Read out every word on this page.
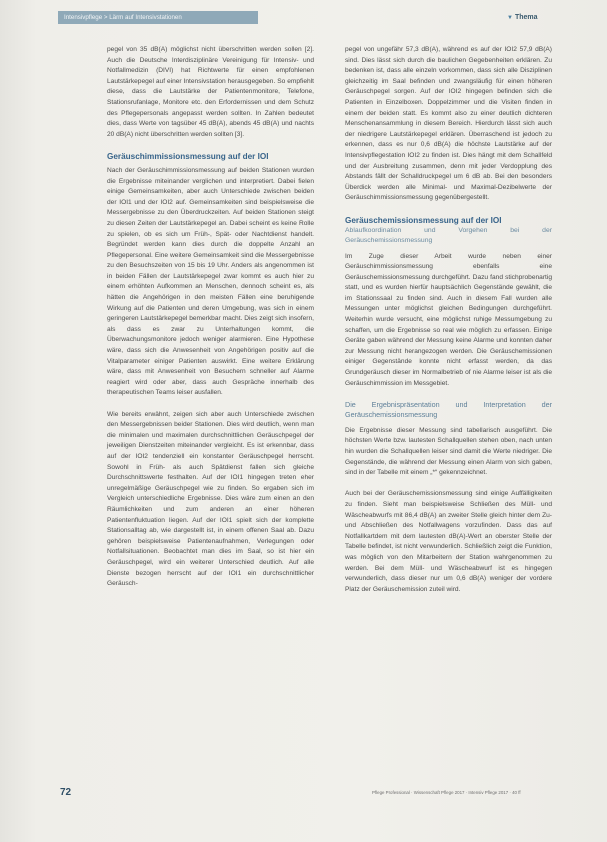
Intensivpflege > Lärm auf Intensivstationen	▼ Thema

pegel von 35 dB(A) möglichst nicht überschritten werden sollen [2]. Auch die Deutsche Interdisziplinäre Vereinigung für Intensiv- und Notfallmedizin (DIVI) hat Richtwerte für einen empfohlenen Lautstärkepegel auf einer Intensivstation herausgegeben. So empfiehlt diese, dass die Lautstärke der Patientenmonitore, Telefone, Stationsrufanlage, Monitore etc. den Erfordernissen und dem Schutz des Pflegepersonals angepasst werden sollten. In Zahlen bedeutet dies, dass Werte von tagsüber 45 dB(A), abends 45 dB(A) und nachts 20 dB(A) nicht überschritten werden sollten [3].

Geräuschimmissionsmessung auf der IOI

Nach der Geräuschimmissionsmessung auf beiden Stationen wurden die Ergebnisse miteinander verglichen und interpretiert. Dabei fielen einige Gemeinsamkeiten, aber auch Unterschiede zwischen beiden der IOI1 und der IOI2 auf. Gemeinsamkeiten sind beispielsweise die Messergebnisse zu den Überdruckzeiten. Auf beiden Stationen steigt zu diesen Zeiten der Lautstärkepegel an. Dabei scheint es keine Rolle zu spielen, ob es sich um Früh-, Spät- oder Nachtdienst handelt. Begründet werden kann dies durch die doppelte Anzahl an Pflegepersonal. Eine weitere Gemeinsamkeit sind die Messergebnisse zu den Besuchszeiten von 15 bis 19 Uhr. Anders als angenommen ist in beiden Fällen der Lautstärkepegel zwar kommt es auch hier zu einem erhöhten Aufkommen an Menschen, dennoch scheint es, als hätten die Angehörigen in den meisten Fällen eine beruhigende Wirkung auf die Patienten und deren Umgebung, was sich in einem geringeren Lautstärkepegel bemerkbar macht. Dies zeigt sich insofern, als dass es zwar zu Unterhaltungen kommt, die Überwachungsmonitore jedoch weniger alarmieren. Eine Hypothese wäre, dass sich die Anwesenheit von Angehörigen positiv auf die Vitalparameter einiger Patienten auswirkt. Eine weitere Erklärung wäre, dass mit Anwesenheit von Besuchern schneller auf Alarme reagiert wird oder aber, dass auch Gespräche innerhalb des therapeutischen Teams leiser ausfallen.

Wie bereits erwähnt, zeigen sich aber auch Unterschiede zwischen den Messergebnissen beider Stationen. Dies wird deutlich, wenn man die minimalen und maximalen durchschnittlichen Geräuschpegel der jeweiligen Dienstzeiten miteinander vergleicht. Es ist erkennbar, dass auf der IOI2 tendenziell ein konstanter Geräuschpegel herrscht. Sowohl in Früh- als auch Spätdienst fallen sich gleiche Durchschnittswerte festhalten. Auf der IOI1 hingegen treten eher unregelmäßige Geräuschpegel wie zu finden. So ergaben sich im Vergleich unterschiedliche Ergebnisse. Dies wäre zum einen an den Räumlichkeiten und zum anderen an einer höheren Patientenfluktuation liegen. Auf der IOI1 spielt sich der komplette Stationsalltag ab, wie dargestellt ist, in einem offenen Saal ab. Dazu gehören beispielsweise Patientenaufnahmen, Verlegungen oder Notfallsituationen. Beobachtet man dies im Saal, so ist hier ein Geräuschpegel, wird ein weiterer Unterschied deutlich. Auf alle Dienste bezogen herrscht auf der IOI1 ein durchschnittlicher Geräusch-

pegel von ungefähr 57,3 dB(A), während es auf der IOI2 57,9 dB(A) sind. Dies lässt sich durch die baulichen Gegebenheiten erklären. Zu bedenken ist, dass alle einzeln vorkommen, dass sich alle Disziplinen gleichzeitig im Saal befinden und zwangsläufig für einen höheren Geräuschpegel sorgen. Auf der IOI2 hingegen befinden sich die Patienten in Einzelboxen. Doppelzimmer und die Visiten finden in einem der beiden statt. Es kommt also zu einer deutlich dichteren Menschenansammlung in diesem Bereich. Hierdurch lässt sich auch der niedrigere Lautstärkepegel erklären. Überraschend ist jedoch zu erkennen, dass es nur 0,6 dB(A) die höchste Lautstärke auf der Intensivpflegestation IOI2 zu finden ist. Dies hängt mit dem Schallfeld und der Ausbreitung zusammen, denn mit jeder Verdopplung des Abstands fällt der Schalldruckpegel um 6 dB ab. Bei den besonders Überdick werden alle Minimal- und Maximal-Dezibelwerte der Geräuschimmissionsmessung gegenübergestellt.

Geräuschemissionsmessung auf der IOI
Ablaufkoordination und Vorgehen bei der Geräuschemissionsmessung

Im Zuge dieser Arbeit wurde neben einer Geräuschimmissionsmessung ebenfalls eine Geräuschemissionsmessung durchgeführt. Dazu fand stichprobenartig statt, und es wurden hierfür hauptsächlich Gegenstände gewählt, die im Stationssaal zu finden sind. Auch in diesem Fall wurden alle Messungen unter möglichst gleichen Bedingungen durchgeführt. Weiterhin wurde versucht, eine möglichst ruhige Messumgebung zu schaffen, um die Ergebnisse so real wie möglich zu erfassen. Einige Geräte gaben während der Messung keine Alarme und konnten daher zur Messung nicht herangezogen werden. Die Geräuschemissionen einiger Gegenstände konnte nicht erfasst werden, da das Grundgeräusch dieser im Normalbetrieb of nie Alarme leiser ist als die Geräuschimmission im Messgebiet.

Die Ergebnispräsentation und Interpretation der Geräuschemissionsmessung

Die Ergebnisse dieser Messung sind tabellarisch ausgeführt. Die höchsten Werte bzw. lautesten Schallquellen stehen oben, nach unten hin wurden die Schallquellen leiser sind damit die Werte niedriger. Die Gegenstände, die während der Messung einen Alarm von sich gaben, sind in der Tabelle mit einem „*“ gekennzeichnet.

Auch bei der Geräuschemissionsmessung sind einige Auffälligkeiten zu finden. Sieht man beispielsweise Schließen des Müll- und Wäscheabwurfs mit 86,4 dB(A) an zweiter Stelle gleich hinter dem Zu- und Abschließen des Notfallwagens vorzufinden. Dass das auf Notfallkartdem mit dem lautesten dB(A)-Wert an oberster Stelle der Tabelle befindet, ist nicht verwunderlich. Schließlich zeigt die Funktion, was möglich von den Mitarbeitern der Station wahrgenommen zu werden. Bei dem Müll- und Wäscheabwurf ist es hingegen verwunderlich, dass dieser nur um 0,6 dB(A) weniger der vordere Platz der Geräuschemission zuteil wird.

72	Pflege Professional · Wissenschaft Pflege 2017 · Intensiv Pflege 2017 · 40 ff
